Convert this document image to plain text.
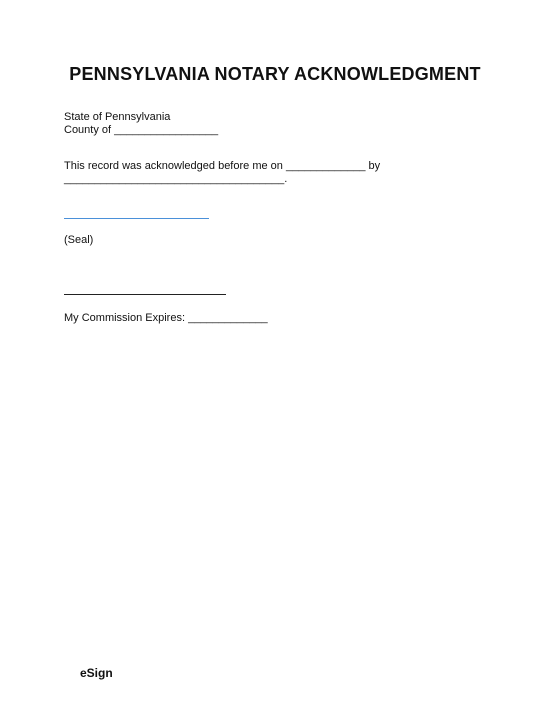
PENNSYLVANIA NOTARY ACKNOWLEDGMENT
State of Pennsylvania
County of _________________
This record was acknowledged before me on _____________ by
____________________________________.
(Seal)
My Commission Expires: _____________
eSign
